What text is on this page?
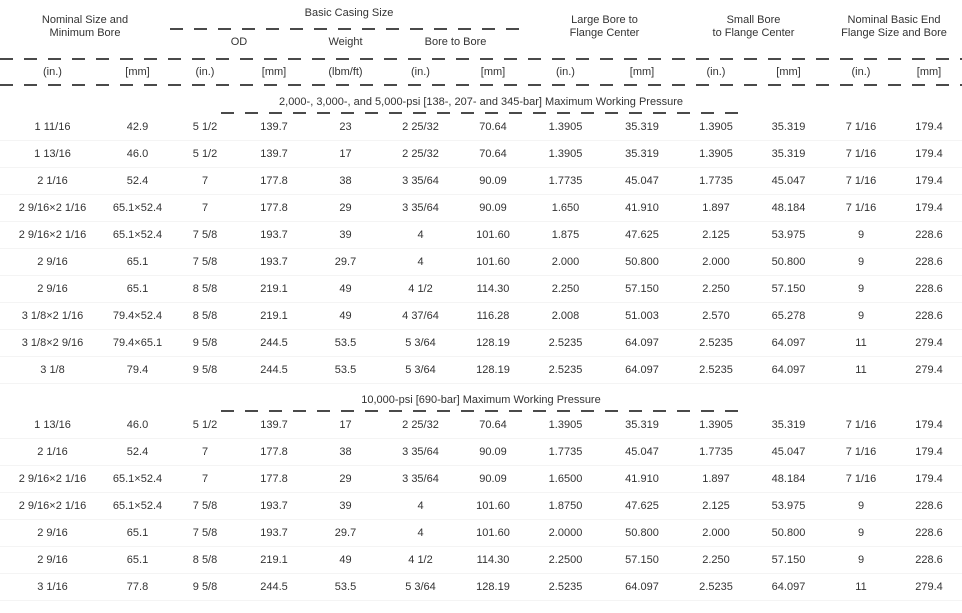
Nominal Size and
Minimum Bore
Basic Casing Size
OD	Weight	Bore to Bore
Large Bore to
Flange Center
Small Bore
to Flange Center
Nominal Basic End
Flange Size and Bore
(in.)	[mm]	(in.)	[mm]	(lbm/ft)	(in.)	[mm]	(in.)	[mm]	(in.)	[mm]	(in.)	[mm]
2,000-, 3,000-, and 5,000-psi [138-, 207- and 345-bar] Maximum Working Pressure
1 11/16	42.9	5 1/2	139.7	23	2 25/32	70.64	1.3905	35.319	1.3905	35.319	7 1/16	179.4
1 13/16	46.0	5 1/2	139.7	17	2 25/32	70.64	1.3905	35.319	1.3905	35.319	7 1/16	179.4
2 1/16	52.4	7	177.8	38	3 35/64	90.09	1.7735	45.047	1.7735	45.047	7 1/16	179.4
2 9/16×2 1/16	65.1×52.4	7	177.8	29	3 35/64	90.09	1.650	41.910	1.897	48.184	7 1/16	179.4
2 9/16×2 1/16	65.1×52.4	7 5/8	193.7	39	4	101.60	1.875	47.625	2.125	53.975	9	228.6
2 9/16	65.1	7 5/8	193.7	29.7	4	101.60	2.000	50.800	2.000	50.800	9	228.6
2 9/16	65.1	8 5/8	219.1	49	4 1/2	114.30	2.250	57.150	2.250	57.150	9	228.6
3 1/8×2 1/16	79.4×52.4	8 5/8	219.1	49	4 37/64	116.28	2.008	51.003	2.570	65.278	9	228.6
3 1/8×2 9/16	79.4×65.1	9 5/8	244.5	53.5	5 3/64	128.19	2.5235	64.097	2.5235	64.097	11	279.4
3 1/8	79.4	9 5/8	244.5	53.5	5 3/64	128.19	2.5235	64.097	2.5235	64.097	11	279.4
10,000-psi [690-bar] Maximum Working Pressure
1 13/16	46.0	5 1/2	139.7	17	2 25/32	70.64	1.3905	35.319	1.3905	35.319	7 1/16	179.4
2 1/16	52.4	7	177.8	38	3 35/64	90.09	1.7735	45.047	1.7735	45.047	7 1/16	179.4
2 9/16×2 1/16	65.1×52.4	7	177.8	29	3 35/64	90.09	1.6500	41.910	1.897	48.184	7 1/16	179.4
2 9/16×2 1/16	65.1×52.4	7 5/8	193.7	39	4	101.60	1.8750	47.625	2.125	53.975	9	228.6
2 9/16	65.1	7 5/8	193.7	29.7	4	101.60	2.0000	50.800	2.000	50.800	9	228.6
2 9/16	65.1	8 5/8	219.1	49	4 1/2	114.30	2.2500	57.150	2.250	57.150	9	228.6
3 1/16	77.8	9 5/8	244.5	53.5	5 3/64	128.19	2.5235	64.097	2.5235	64.097	11	279.4
